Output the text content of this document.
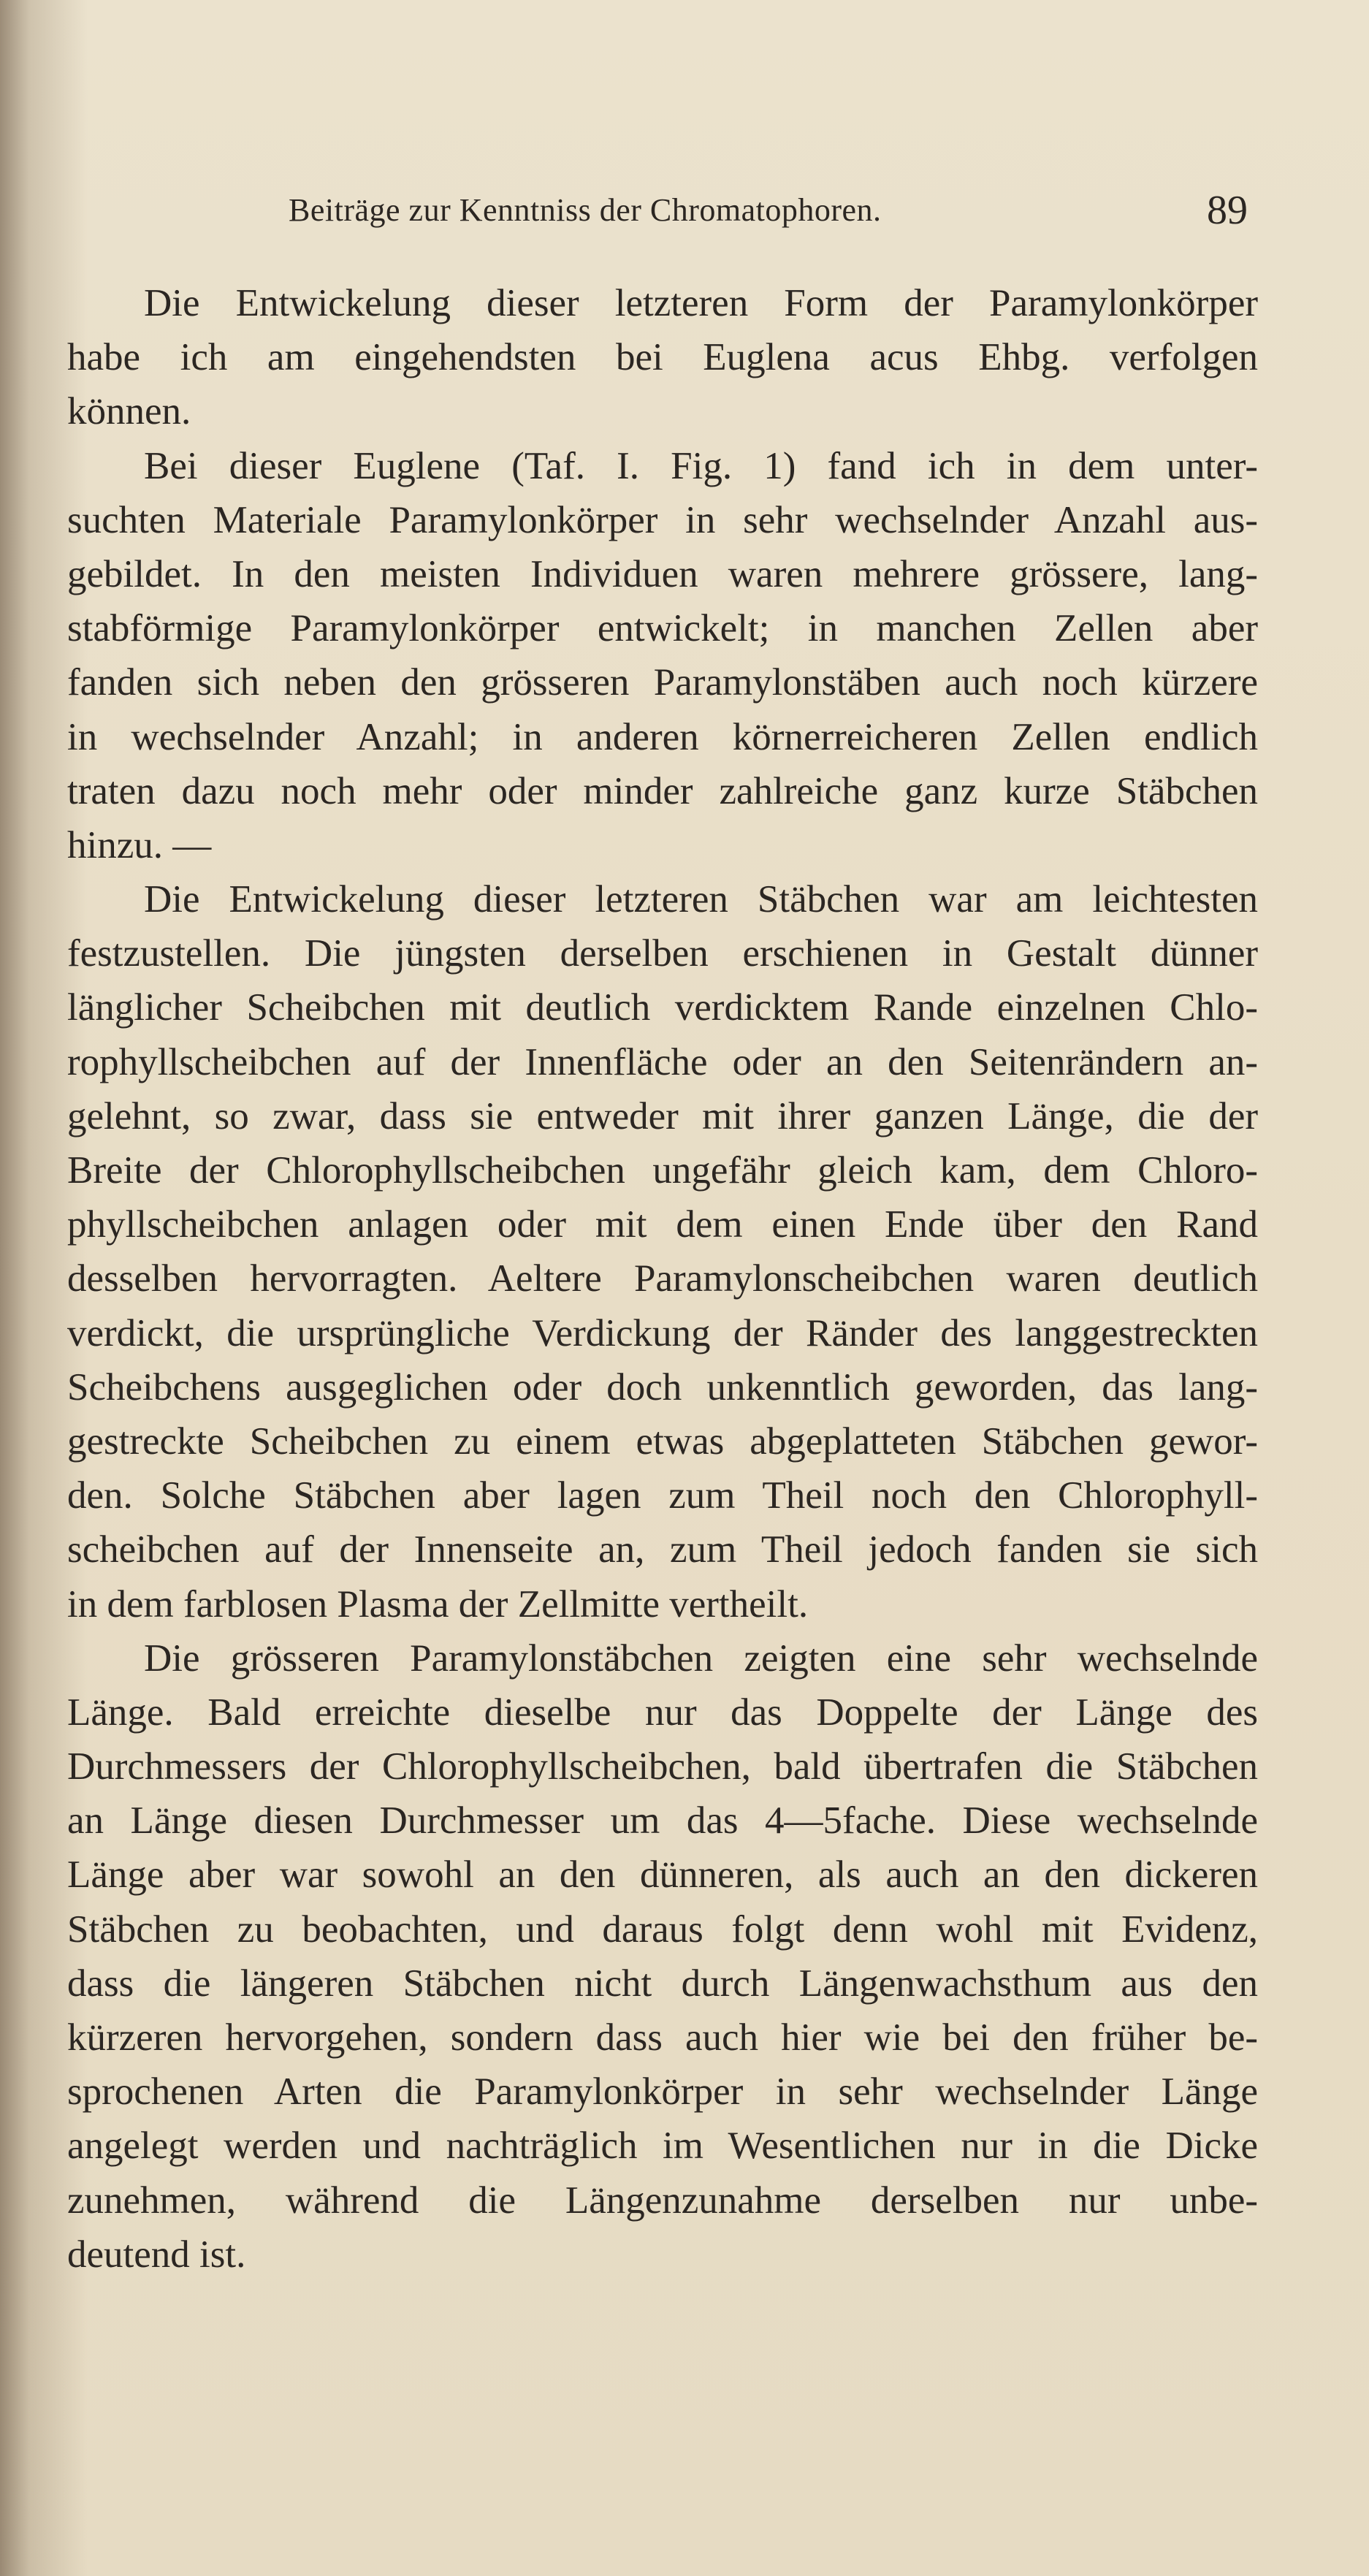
Beiträge zur Kenntniss der Chromatophoren.	89
Die Entwickelung dieser letzteren Form der Paramylonkörper
habe ich am eingehendsten bei Euglena acus Ehbg. verfolgen
können.
Bei dieser Euglene (Taf. I. Fig. 1) fand ich in dem unter-
suchten Materiale Paramylonkörper in sehr wechselnder Anzahl aus-
gebildet. In den meisten Individuen waren mehrere grössere, lang-
stabförmige Paramylonkörper entwickelt; in manchen Zellen aber
fanden sich neben den grösseren Paramylonstäben auch noch kürzere
in wechselnder Anzahl; in anderen körnerreicheren Zellen endlich
traten dazu noch mehr oder minder zahlreiche ganz kurze Stäbchen
hinzu. —
Die Entwickelung dieser letzteren Stäbchen war am leichtesten
festzustellen. Die jüngsten derselben erschienen in Gestalt dünner
länglicher Scheibchen mit deutlich verdicktem Rande einzelnen Chlo-
rophyllscheibchen auf der Innenfläche oder an den Seitenrändern an-
gelehnt, so zwar, dass sie entweder mit ihrer ganzen Länge, die der
Breite der Chlorophyllscheibchen ungefähr gleich kam, dem Chloro-
phyllscheibchen anlagen oder mit dem einen Ende über den Rand
desselben hervorragten. Aeltere Paramylonscheibchen waren deutlich
verdickt, die ursprüngliche Verdickung der Ränder des langgestreckten
Scheibchens ausgeglichen oder doch unkenntlich geworden, das lang-
gestreckte Scheibchen zu einem etwas abgeplatteten Stäbchen gewor-
den. Solche Stäbchen aber lagen zum Theil noch den Chlorophyll-
scheibchen auf der Innenseite an, zum Theil jedoch fanden sie sich
in dem farblosen Plasma der Zellmitte vertheilt.
Die grösseren Paramylonstäbchen zeigten eine sehr wechselnde
Länge. Bald erreichte dieselbe nur das Doppelte der Länge des
Durchmessers der Chlorophyllscheibchen, bald übertrafen die Stäbchen
an Länge diesen Durchmesser um das 4—5fache. Diese wechselnde
Länge aber war sowohl an den dünneren, als auch an den dickeren
Stäbchen zu beobachten, und daraus folgt denn wohl mit Evidenz,
dass die längeren Stäbchen nicht durch Längenwachsthum aus den
kürzeren hervorgehen, sondern dass auch hier wie bei den früher be-
sprochenen Arten die Paramylonkörper in sehr wechselnder Länge
angelegt werden und nachträglich im Wesentlichen nur in die Dicke
zunehmen, während die Längenzunahme derselben nur unbe-
deutend ist.
